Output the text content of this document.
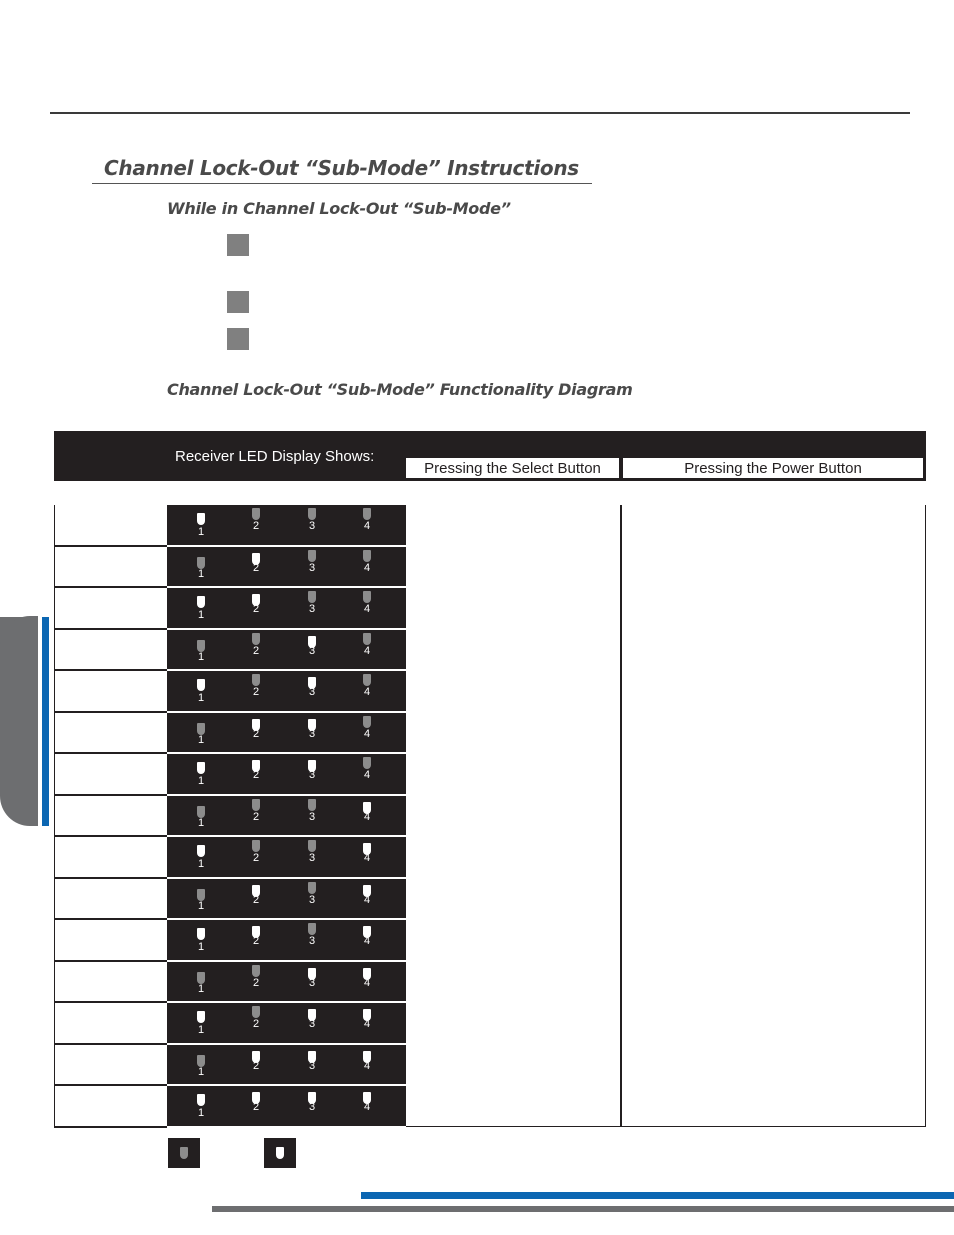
Channel Lock-Out “Sub-Mode” Instructions
While in Channel Lock-Out “Sub-Mode”
Channel Lock-Out “Sub-Mode” Functionality Diagram
Receiver LED Display Shows:
Pressing the Select Button	Pressing the Power Button
1	2	3	4
1	2	3	4
1	2	3	4
1	2	3	4
1	2	3	4
1	2	3	4
1	2	3	4
1	2	3	4
1	2	3	4
1	2	3	4
1	2	3	4
1	2	3	4
1	2	3	4
1	2	3	4
1	2	3	4
